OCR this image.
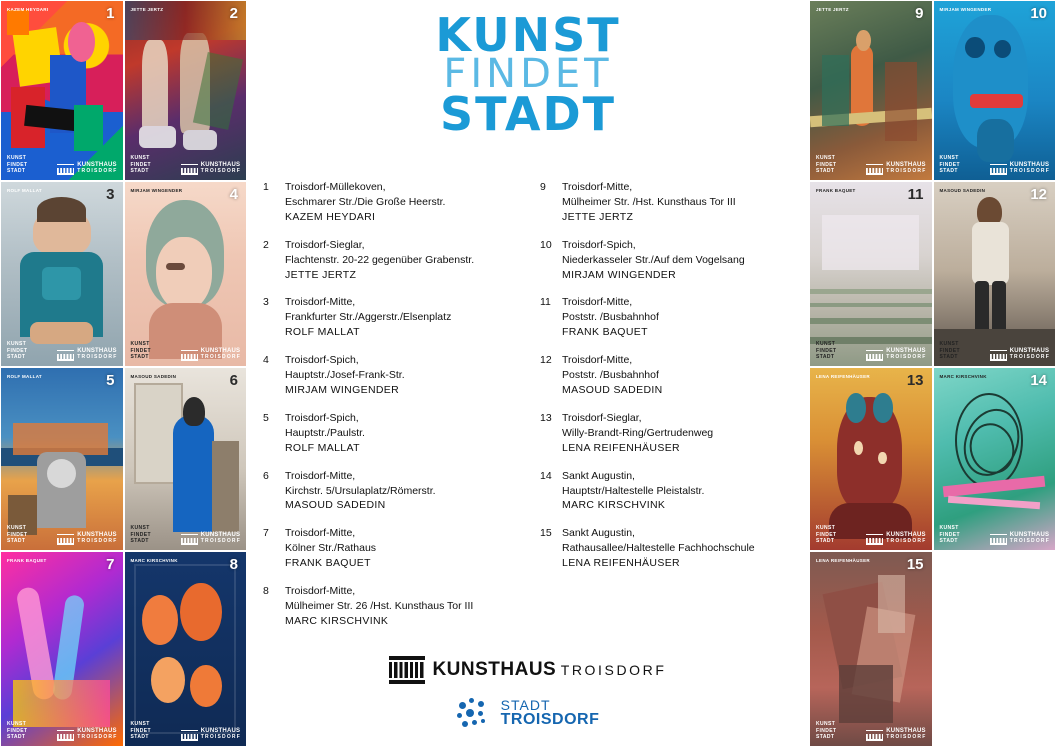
KAZEM HEYDARI	1
KUNST
FINDET
STADT
KUNSTHAUS
TROISDORF
JETTE JERTZ	2
KUNST
FINDET
STADT
KUNSTHAUS
TROISDORF
ROLF MALLAT	3
KUNST
FINDET
STADT
KUNSTHAUS
TROISDORF
MIRJAM WINGENDER	4
KUNST
FINDET
STADT
KUNSTHAUS
TROISDORF
ROLF MALLAT	5
KUNST
FINDET
STADT
KUNSTHAUS
TROISDORF
MASOUD SADEDIN	6
KUNST
FINDET
STADT
KUNSTHAUS
TROISDORF
FRANK BAQUET	7
KUNST
FINDET
STADT
KUNSTHAUS
TROISDORF
MARC KIRSCHVINK	8
KUNST
FINDET
STADT
KUNSTHAUS
TROISDORF
KUNST
FINDET
STADT
1	Troisdorf-Müllekoven,
Eschmarer Str./Die Große Heerstr.
KAZEM HEYDARI
9	Troisdorf-Mitte,
Mülheimer Str. /Hst. Kunsthaus Tor III
JETTE JERTZ
2	Troisdorf-Sieglar,
Flachtenstr. 20-22 gegenüber Grabenstr.
JETTE JERTZ
10 Troisdorf-Spich,
Niederkasseler Str./Auf dem Vogelsang
MIRJAM WINGENDER
3	Troisdorf-Mitte,
Frankfurter Str./Aggerstr./Elsenplatz
ROLF MALLAT
11	Troisdorf-Mitte,
Poststr. /Busbahnhof
FRANK BAQUET
4	Troisdorf-Spich,
Hauptstr./Josef-Frank-Str.
MIRJAM WINGENDER
12 Troisdorf-Mitte,
Poststr. /Busbahnhof
MASOUD SADEDIN
5	Troisdorf-Spich,
Hauptstr./Paulstr.
ROLF MALLAT
13 Troisdorf-Sieglar,
Willy-Brandt-Ring/Gertrudenweg
LENA REIFENHÄUSER
6	Troisdorf-Mitte,
Kirchstr. 5/Ursulaplatz/Römerstr.
MASOUD SADEDIN
14 Sankt Augustin,
Hauptstr/Haltestelle Pleistalstr.
MARC KIRSCHVINK
7	Troisdorf-Mitte,
Kölner Str./Rathaus
FRANK BAQUET
15 Sankt Augustin,
Rathausallee/Haltestelle Fachhochschule
LENA REIFENHÄUSER
8	Troisdorf-Mitte,
Mülheimer Str. 26 /Hst. Kunsthaus Tor III
MARC KIRSCHVINK
KUNSTHAUS TROISDORF
STADT
TROISDORF
JETTE JERTZ	9
KUNST
FINDET
STADT
KUNSTHAUS
TROISDORF
MIRJAM WINGENDER	10
KUNST
FINDET
STADT
KUNSTHAUS
TROISDORF
FRANK BAQUET	11
KUNST
FINDET
STADT
KUNSTHAUS
TROISDORF
MASOUD SADEDIN	12
KUNST
FINDET
STADT
KUNSTHAUS
TROISDORF
LENA REIFENHÄUSER 13
KUNST
FINDET
STADT
KUNSTHAUS
TROISDORF
MARC KIRSCHVINK	14
KUNST
FINDET
STADT
KUNSTHAUS
TROISDORF
LENA REIFENHÄUSER 15
KUNST
FINDET
STADT
KUNSTHAUS
TROISDORF
